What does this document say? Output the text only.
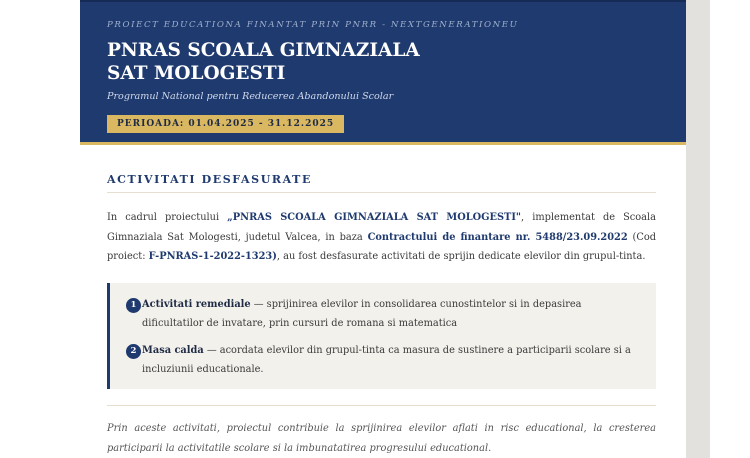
PROIECT EDUCATIONA FINANTAT PRIN PNRR - NEXTGENERATIONEU
PNRAS SCOALA GIMNAZIALA
SAT MOLOGESTI
Programul National pentru Reducerea Abandonului Scolar
PERIOADA: 01.04.2025 - 31.12.2025
ACTIVITATI DESFASURATE

In cadrul proiectului „PNRAS SCOALA GIMNAZIALA SAT MOLOGESTI", implementat de Scoala Gimnaziala Sat Mologesti, judetul Valcea, in baza Contractului de finantare nr. 5488/23.09.2022 (Cod proiect: F-PNRAS-1-2022-1323), au fost desfasurate activitati de sprijin dedicate elevilor din grupul-tinta.

1 Activitati remediale — sprijinirea elevilor in consolidarea cunostintelor si in depasirea dificultatilor de invatare, prin cursuri de romana si matematica

2 Masa calda — acordata elevilor din grupul-tinta ca masura de sustinere a participarii scolare si a incluziunii educationale.

Prin aceste activitati, proiectul contribuie la sprijinirea elevilor aflati in risc educational, la cresterea participarii la activitatile scolare si la imbunatatirea progresului educational.
